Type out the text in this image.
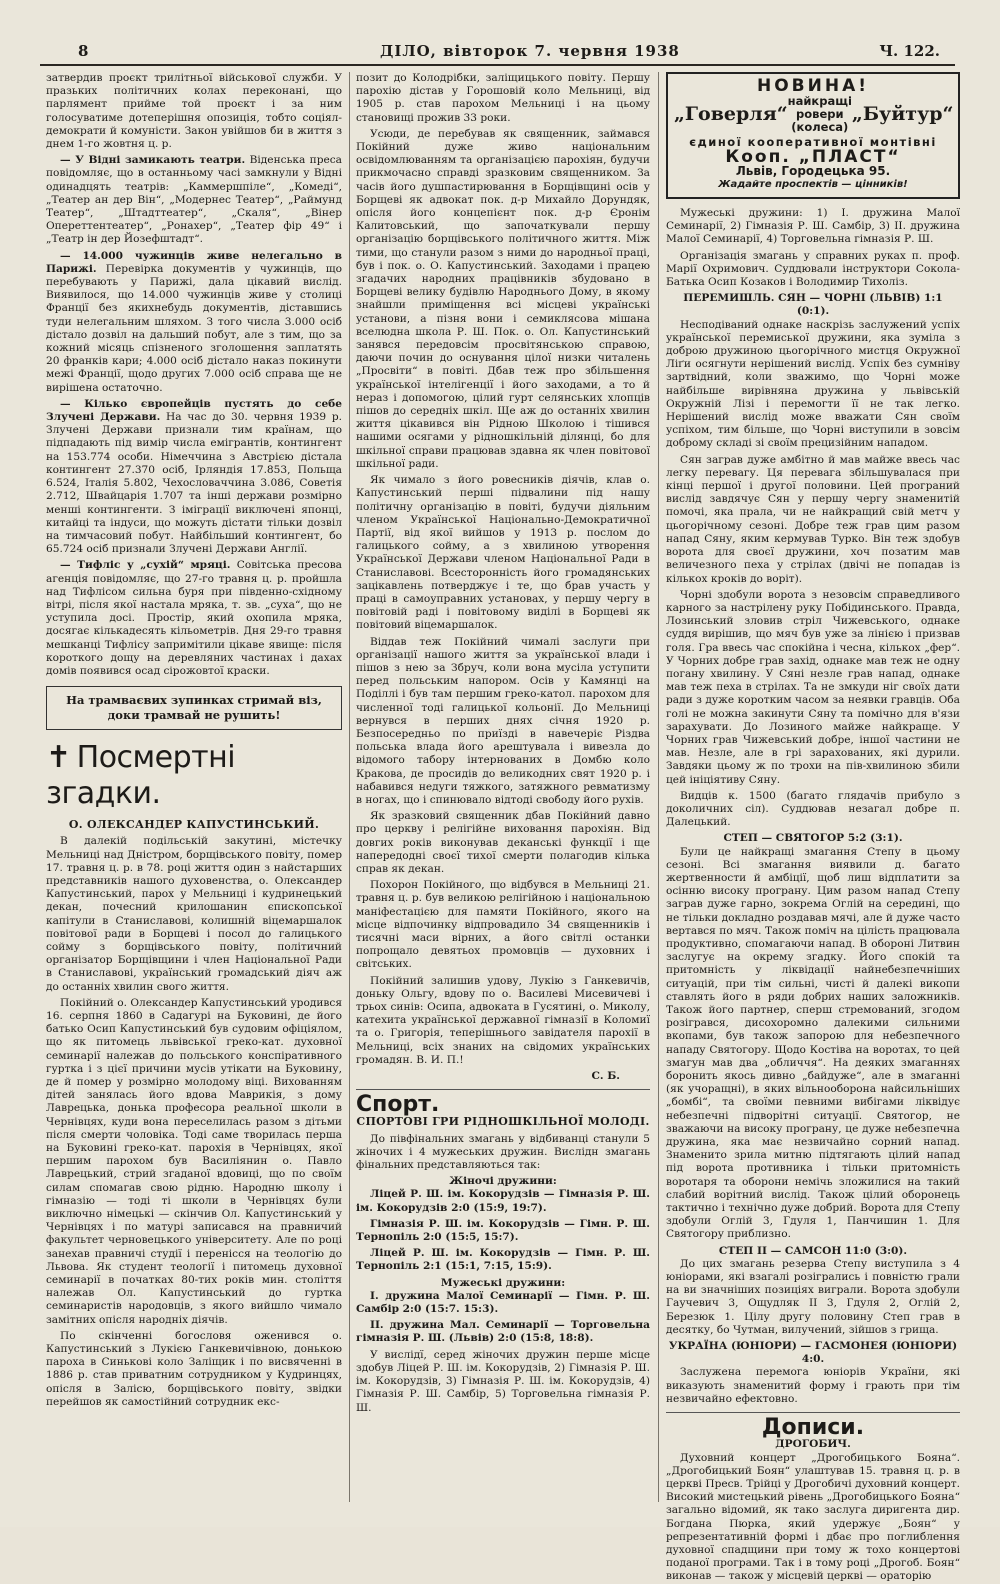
8	ДІЛО, вівторок 7. червня 1938	Ч. 122.

затвердив проєкт трилітньої військової служби. У празьких політичних колах переконані, що парлямент прийме той проєкт і за ним голосуватиме дотеперішня опозиція, тобто соціял-демократи й комуністи. Закон увійшов би в життя з днем 1-го жовтня ц. р.

— У Відні замикають театри. Віденська преса повідомляє, що в останньому часі замкнули у Відні одинадцять театрів: „Каммершпіле“, „Комеді“, „Театер ан дер Він“, „Модернес Театер“, „Раймунд Театер“, „Штадттеатер“, „Скаля“, „Вінер Опереттентеатер“, „Ронахер“, „Театер фір 49“ і „Театр ін дер Йозефштадт“.

— 14.000 чужинців живе нелегально в Парижі. Перевірка документів у чужинців, що перебувають у Парижі, дала цікавий вислід. Виявилося, що 14.000 чужинців живе у столиці Франції без якихнебудь документів, діставшись туди нелегальним шляхом. З того числа 3.000 осіб дістало дозвіл на дальший побут, але з тим, що за кожний місяць спізненого зголошення заплатять 20 франків кари; 4.000 осіб дістало наказ покинути межі Франції, щодо других 7.000 осіб справа ще не вирішена остаточно.

— Кілько європейців пустять до себе Злучені Держави. На час до 30. червня 1939 р. Злучені Держави признали тим країнам, що підпадають під вимір числа емігрантів, контингент на 153.774 особи. Німеччина з Австрією дістала контингент 27.370 осіб, Ірляндія 17.853, Польща 6.524, Італія 5.802, Чехословаччина 3.086, Советія 2.712, Швайцарія 1.707 та інші держави розмірно менші контингенти. З іміграції виключені японці, китайці та індуси, що можуть дістати тільки дозвіл на тимчасовий побут. Найбільший контингент, бо 65.724 осіб признали Злучені Держави Англії.

— Тифліс у „сухій“ мряці. Совітська пресова агенція повідомляє, що 27-го травня ц. р. пройшла над Тифлісом сильна буря при південно-східному вітрі, після якої настала мряка, т. зв. „суха“, що не уступила досі. Простір, який охопила мряка, досягає кількадесять кільометрів. Дня 29-го травня мешканці Тифлісу запримітили цікаве явище: після короткого дощу на деревляних частинах і дахах домів появився осад сірожовтої краски.

На трамваєвих зупинках стримай віз, доки трамвай не рушить!
✝ Посмертні згадки.
О. ОЛЕКСАНДЕР КАПУСТИНСЬКИЙ.

В далекій подільській закутині, містечку Мельниці над Дністром, борщівського повіту, помер 17. травня ц. р. в 78. році життя один з найстарших представників нашого духовенства, о. Олександер Капустинський, парох у Мельниці і кудринецький декан, почесний крилошанин єпископської капітули в Станиславові, колишній віцемаршалок повітової ради в Борщеві і посол до галицького сойму з борщівського повіту, політичний організатор Борщівщини і член Національної Ради в Станиславові, український громадський діяч аж до останніх хвилин свого життя.

Покійний о. Олександер Капустинський уродився 16. серпня 1860 в Садагурі на Буковині, де його батько Осип Капустинський був судовим офіціялом, що як питомець львівської греко-кат. духовної семинарії належав до польського конспіративного гуртка і з цієї причини мусів утікати на Буковину, де й помер у розмірно молодому віці. Вихованням дітей занялась його вдова Маврикія, з дому Лаврецька, донька професора реальної школи в Чернівцях, куди вона переселилась разом з дітьми після смерти чоловіка. Тоді саме творилась перша на Буковині греко-кат. парохія в Чернівцях, якої першим парохом був Василіянин о. Павло Лаврецький, стрий згаданої вдовиці, що по своїм силам спомагав свою рідню. Народню школу і гімназію — тоді ті школи в Чернівцях були виключно німецькі — скінчив Ол. Капустинський у Чернівцях і по матурі записався на правничий факультет черновецького університету. Але по році занехав правничі студії і перенісся на теологію до Львова. Як студент теології і питомець духовної семинарії в початках 80-тих років мин. століття належав Ол. Капустинський до гуртка семинаристів народовців, з якого вийшло чимало замітних опісля народніх діячів.

По скінченні богословя оженився о. Капустинський з Лукією Ганкевичівною, донькою пароха в Синькові коло Заліщик і по висвяченні в 1886 р. став приватним сотрудником у Кудринцях, опісля в Залісю, борщівського повіту, звідки перейшов як самостійний сотрудник екс-

позит до Колодрібки, заліщицького повіту. Першу парохію дістав у Горошовій коло Мельниці, від 1905 р. став парохом Мельниці і на цьому становищі прожив 33 роки.

Усюди, де перебував як священник, займався Покійний дуже живо національним освідомлюванням та організацією парохіян, будучи прикмочасно справді зразковим священником. За часів його душпастирювання в Борщівщині осів у Борщеві як адвокат пок. д-р Михайло Дорундяк, опісля його концепієнт пок. д-р Єронім Калитовський, що започаткували першу організацію борщівського політичного життя. Між тими, що станули разом з ними до народньої праці, був і пок. о. О. Капустинський. Заходами і працею згадачих народних працівників збудовано в Борщеві велику будівлю Народнього Дому, в якому знайшли приміщення всі місцеві українські установи, а пізня вони і семиклясова мішана вселюдна школа Р. Ш. Пок. о. Ол. Капустинський занявся передовсім просвітянською справою, даючи почин до оснування цілої низки читалень „Просвіти“ в повіті. Дбав теж про збільшення української інтелігенції і його заходами, а то й нераз і допомогою, цілий гурт селянських хлопців пішов до середніх шкіл. Ще аж до останніх хвилин життя цікавився він Рідною Школою і тішився нашими осягами у рідношкільній ділянці, бо для шкільної справи працював здавна як член повітової шкільної ради.

Як чимало з його ровесників діячів, клав о. Капустинський перші підвалини під нашу політичну організацію в повіті, будучи діяльним членом Української Національно-Демократичної Партії, від якої вийшов у 1913 р. послом до галицького сойму, а з хвилиною утворення Української Держави членом Національної Ради в Станиславові. Всесторонність його громадянських зацікавлень потверджує і те, що брав участь у праці в самоуправних установах, у першу чергу в повітовій раді і повітовому виділі в Борщеві як повітовий віцемаршалок.

Віддав теж Покійний чималі заслуги при організації нашого життя за української влади і пішов з нею за Збруч, коли вона мусіла уступити перед польським напором. Осів у Камянці на Поділлі і був там першим греко-катол. парохом для численної тоді галицької кольонії. До Мельниці вернувся в перших днях січня 1920 р. Безпосередньо по приїзді в навечеріє Різдва польська влада його арештувала і вивезла до відомого табору інтернованих в Домбю коло Кракова, де просидів до великодних свят 1920 р. і набавився недуги тяжкого, затяжного ревматизму в ногах, що і спинювало відтоді свободу його рухів.

Як зразковий священник дбав Покійний давно про церкву і релігійне виховання парохіян. Від довгих років виконував деканські функції і ще напередодні своєї тихої смерти полагодив кілька справ як декан.

Похорон Покійного, що відбувся в Мельниці 21. травня ц. р. був великою релігійною і національною маніфестацією для памяти Покійного, якого на місце відпочинку відпровадило 34 священників і тисячні маси вірних, а його світлі останки попрощало девятьох промовців — духовних і світських.

Покійний залишив удову, Лукію з Ганкевичів, доньку Ольгу, вдову по о. Василеві Мисевичеві і трьох синів: Осипа, адвоката в Гусятині, о. Миколу, катехита української державної гімназії в Коломиї та о. Григорія, теперішнього завідателя парохії в Мельниці, всіх знаних на свідомих українських громадян. В. И. П.!

С. Б.
Спорт.
СПОРТОВІ ГРИ РІДНОШКІЛЬНОЇ МОЛОДІ.

До півфінальних змагань у відбиванці станули 5 жіночих і 4 мужеських дружин. Вислідн змагань фінальних представляються так:

Жіночі дружини:

Ліцей Р. Ш. ім. Кокорудзів — Гімназія Р. Ш. ім. Кокорудзів 2:0 (15:9, 19:7).

Гімназія Р. Ш. ім. Кокорудзів — Гімн. Р. Ш. Тернопіль 2:0 (15:5, 15:7).

Ліцей Р. Ш. ім. Кокорудзів — Гімн. Р. Ш. Тернопіль 2:1 (15:1, 7:15, 15:9).

Мужеські дружини:

І. дружина Малої Семинарії — Гімн. Р. Ш. Самбір 2:0 (15:7. 15:3).

II. дружина Мал. Семинарії — Торговельна гімназія Р. Ш. (Львів) 2:0 (15:8, 18:8).

У вислідї, серед жіночих дружин перше місце здобув Ліцей Р. Ш. ім. Кокорудзів, 2) Гімназія Р. Ш. ім. Кокорудзів, 3) Гімназія Р. Ш. ім. Кокорудзів, 4) Гімназія Р. Ш. Самбір, 5) Торговельна гімназія Р. Ш.

НОВИНА!
„Говерля“
найкращі
ровери
(колеса)
„Буйтур“
єдиної кооперативної монтівні
Кооп. „ПЛАСТ“
Львів, Городецька 95.
Жадайте проспектів — цінників!

Мужеські дружини: 1) І. дружина Малої Семинарії, 2) Гімназія Р. Ш. Самбір, 3) II. дружина Малої Семинарії, 4) Торговельна гімназія Р. Ш.

Організація змагань у справних руках п. проф. Марії Охримович. Суддювали інструктори Сокола-Батька Осип Козаков і Володимир Тихоліз.

ПЕРЕМИШЛЬ. СЯН — ЧОРНІ (ЛЬВІВ) 1:1 (0:1).

Несподіваний однаке наскрізь заслужений успіх української перемиської дружини, яка зуміла з доброю дружиною цьогорічного мистця Окружної Ліґи осягнути нерішений вислід. Успіх без сумніву зартвідний, коли зважимо, що Чорні може найбільше вирівняна дружина у львівській Окружній Лізі і перемогти її не так легко. Нерішений вислід може вважати Сян своїм успіхом, тим більше, що Чорні виступили в зовсім доброму складі зі своїм прецизійним нападом.

Сян заграв дуже амбітно й мав майже ввесь час легку перевагу. Ця перевага збільшувалася при кінці першої і другої половини. Цей програний вислід завдячує Сян у першу чергу знаменитій помочі, яка прала, чи не найкращий свій метч у цьогорічному сезоні. Добре теж грав цим разом напад Сяну, яким кермував Турко. Він теж здобув ворота для своєї дружини, хоч позатим мав величезного пеха у стрілах (двічі не попадав із кількох кроків до воріт).

Чорні здобули ворота з незовсім справедливого карного за настрілену руку Побідинського. Правда, Лозинський зловив стріл Чижевського, однаке суддя вирішив, що мяч був уже за лінією і призвав голя. Гра ввесь час спокійна і чесна, кількох „фер“. У Чорних добре грав захід, однаке мав теж не одну погану хвилину. У Сяні незле грав напад, однаке мав теж пеха в стрілах. Та не змкуди ніг своїх дати ради з дуже коротким часом за неявки гравців. Оба голі не можна закинути Сяну та помічно для в'язи зарахувати. До Лозиного майже найкраще. У Чорних грав Чижевський добре, іншої частини не мав. Незле, але в грі зарахованих, які дурили. Завдяки цьому ж по трохи на пів-хвилиною збили цей ініціятиву Сяну.

Видців к. 1500 (багато глядачів прибуло з доколичних сіл). Суддював незагал добре п. Далецький.

СТЕП — СВЯТОГОР 5:2 (3:1).

Були це найкращі змагання Степу в цьому сезоні. Всі змагання виявили д. багато жертвенности й амбіції, щоб лиш відплатити за осінню високу програну. Цим разом напад Степу заграв дуже гарно, зокрема Оглій на середині, що не тільки докладно роздавав мячі, але й дуже часто вертався по мяч. Також поміч на цілість працювала продуктивно, спомагаючи напад. В обороні Литвин заслугує на окрему згадку. Його спокій та притомність у ліквідації найнебезпечніших ситуацій, при тім сильні, чисті й далекі викопи ставлять його в ряди добрих наших заложників. Також його партнер, сперш стремований, згодом розігрався, дисохоромно далекими сильними вкопами, був також запорою для небезпечного нападу Святогору. Щодо Костіва на воротах, то цей змагун мав два „обличчя“. На деяких змаганнях боронить якось дивно „байдуже“, але в змаганні (як учоращні), в яких вільнооборона найсильніших „бомбі“, та своїми певними вибігами ліквідує небезпечні підворітні ситуації. Святогор, не зважаючи на високу програну, це дуже небезпечна дружина, яка має незвичайно сорний напад. Знаменито зрила митню підтягають цілий напад під ворота противника і тільки притомність воротаря та оборони немічь зложилися на такий слабий ворітний вислід. Також цілий оборонець тактично і технічно дуже добрий. Ворота для Степу здобули Оглій 3, Гдуля 1, Панчишин 1. Для Святогору приблизно.

СТЕП II — САМСОН 11:0 (3:0).

До цих змагань резерва Степу виступила з 4 юніорами, які взагалі розігрались і повністю грали на ви значніших позиціях виграли. Ворота здобули Гаучевич 3, Ощудляк II 3, Гдуля 2, Оглій 2, Березюк 1. Цілу другу половину Степ грав в десятку, бо Чутман, вилучений, зійшов з грища.

УКРАЇНА (ЮНІОРИ) — ГАСМОНЕЯ (ЮНІОРИ) 4:0.

Заслужена перемога юніорів України, які виказують знаменитий форму і грають при тім незвичайно ефектовно.

Дописи.
ДРОГОБИЧ.

Духовний концерт „Дрогобицького Бояна“. „Дрогобицький Боян“ улаштував 15. травня ц. р. в церкві Пресв. Трійці у Дрогобичі духовний концерт. Високий мистецький рівень „Дрогобицького Бояна“ загально відомий, як тако заслуга диригента дир. Богдана Пюрка, який удержує „Боян“ у репрезентативній формі і дбає про поглиблення духовної спадщини при тому ж тохо концертові поданої програми. Так і в тому році „Дрогоб. Боян“ виконав — також у місцевій церкві — ораторію
